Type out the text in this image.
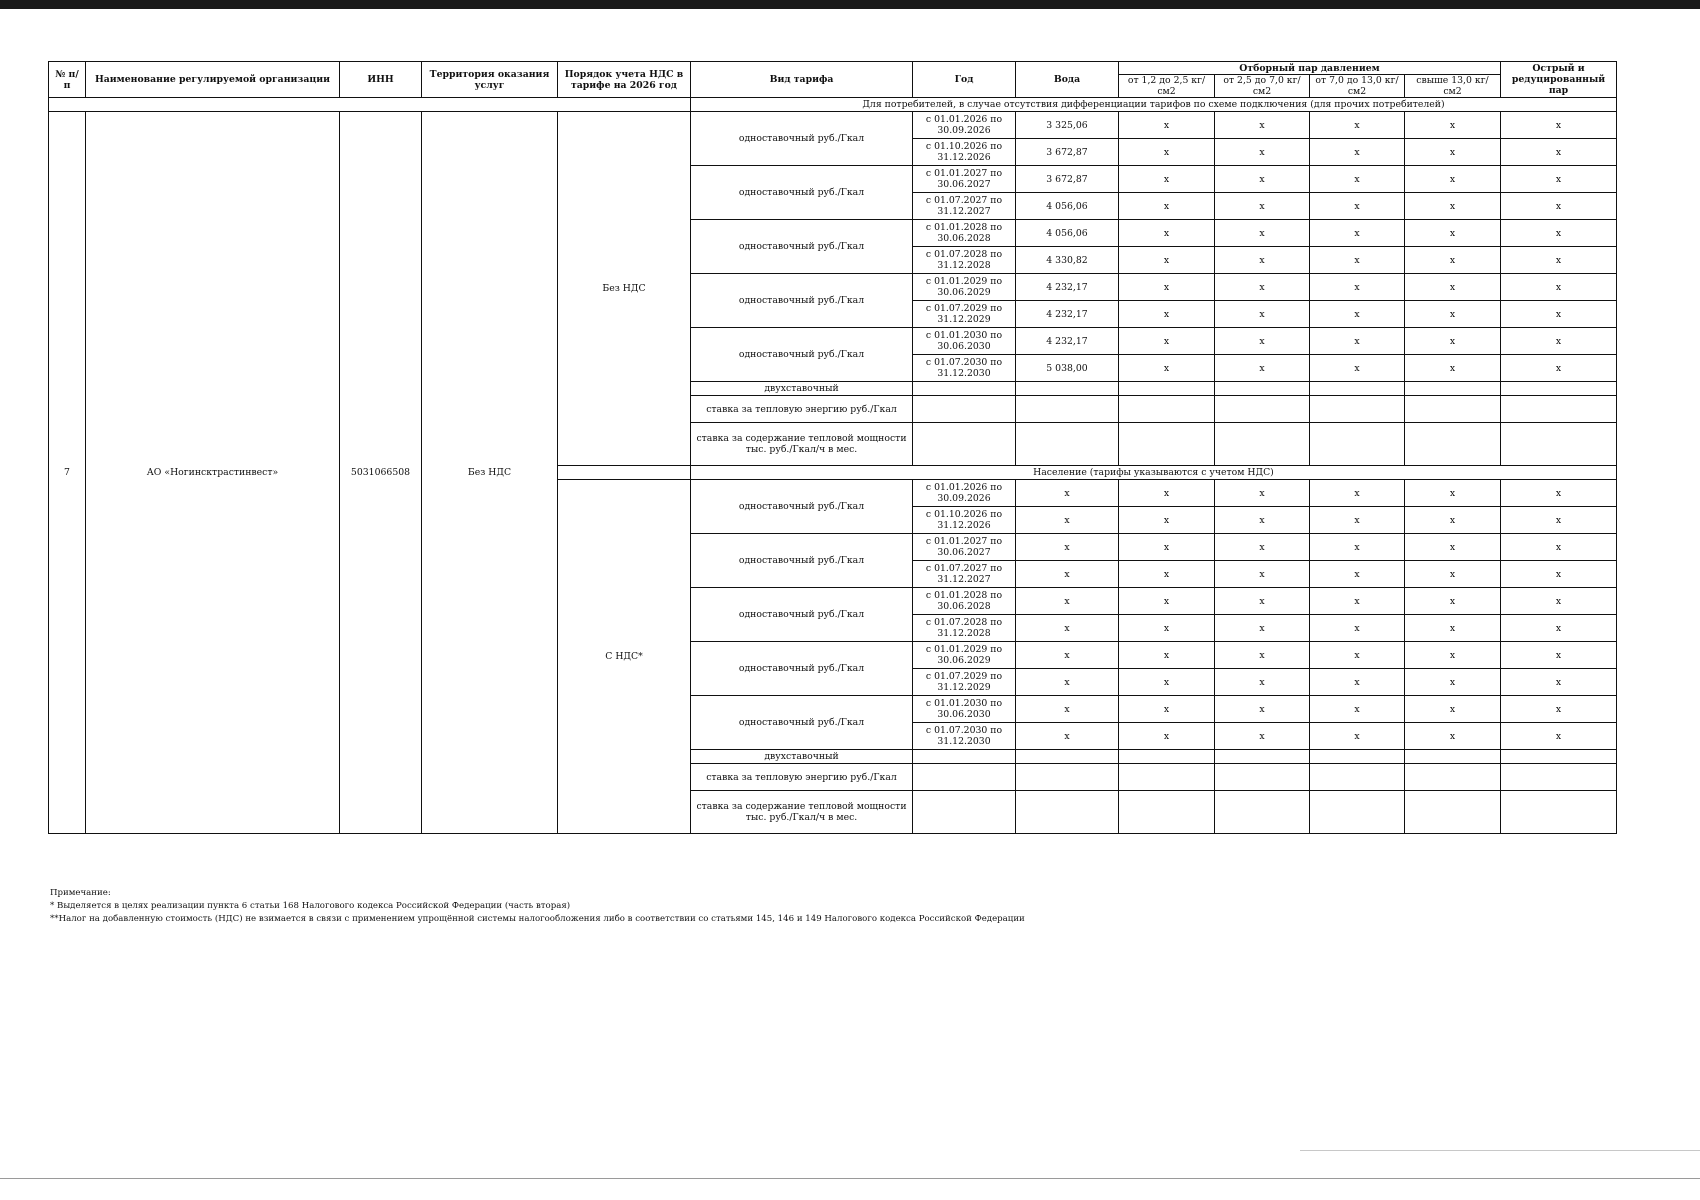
№ п/п	Наименование регулируемой организации	ИНН	Территория оказания услуг	Порядок учета НДС в тарифе на 2026 год	Вид тарифа	Год	Вода	Отборный пар давлением				Острый и редуцированный пар
								от 1,2 до 2,5 кг/см2	от 2,5 до 7,0 кг/см2	от 7,0 до 13,0 кг/см2	свыше 13,0 кг/см2	
					Для потребителей, в случае отсутствия дифференциации тарифов по схеме подключения (для прочих потребителей)							
7	АО «Ногинсктрастинвест»	5031066508	Без НДС	Без НДС	одноставочный руб./Гкал	с 01.01.2026 по 30.09.2026	3 325,06	x	x	x	x	x
						с 01.10.2026 по 31.12.2026	3 672,87	x	x	x	x	x
					одноставочный руб./Гкал	с 01.01.2027 по 30.06.2027	3 672,87	x	x	x	x	x
						с 01.07.2027 по 31.12.2027	4 056,06	x	x	x	x	x
					одноставочный руб./Гкал	с 01.01.2028 по 30.06.2028	4 056,06	x	x	x	x	x
						с 01.07.2028 по 31.12.2028	4 330,82	x	x	x	x	x
					одноставочный руб./Гкал	с 01.01.2029 по 30.06.2029	4 232,17	x	x	x	x	x
						с 01.07.2029 по 31.12.2029	4 232,17	x	x	x	x	x
					одноставочный руб./Гкал	с 01.01.2030 по 30.06.2030	4 232,17	x	x	x	x	x
						с 01.07.2030 по 31.12.2030	5 038,00	x	x	x	x	x
					двухставочный							
					ставка за тепловую энергию руб./Гкал							
					ставка за содержание тепловой мощности тыс. руб./Гкал/ч в мес.							
					Население (тарифы указываются с учетом НДС)							
				С НДС*	одноставочный руб./Гкал	с 01.01.2026 по 30.09.2026	x	x	x	x	x	x
						с 01.10.2026 по 31.12.2026	x	x	x	x	x	x
					одноставочный руб./Гкал	с 01.01.2027 по 30.06.2027	x	x	x	x	x	x
						с 01.07.2027 по 31.12.2027	x	x	x	x	x	x
					одноставочный руб./Гкал	с 01.01.2028 по 30.06.2028	x	x	x	x	x	x
						с 01.07.2028 по 31.12.2028	x	x	x	x	x	x
					одноставочный руб./Гкал	с 01.01.2029 по 30.06.2029	x	x	x	x	x	x
						с 01.07.2029 по 31.12.2029	x	x	x	x	x	x
					одноставочный руб./Гкал	с 01.01.2030 по 30.06.2030	x	x	x	x	x	x
						с 01.07.2030 по 31.12.2030	x	x	x	x	x	x
					двухставочный							
					ставка за тепловую энергию руб./Гкал							
					ставка за содержание тепловой мощности тыс. руб./Гкал/ч в мес.							
Примечание:
* Выделяется в целях реализации пункта 6 статьи 168 Налогового кодекса Российской Федерации (часть вторая)
**Налог на добавленную стоимость (НДС) не взимается в связи с применением упрощённой системы налогообложения либо в соответствии со статьями 145, 146 и 149 Налогового кодекса Российской Федерации
